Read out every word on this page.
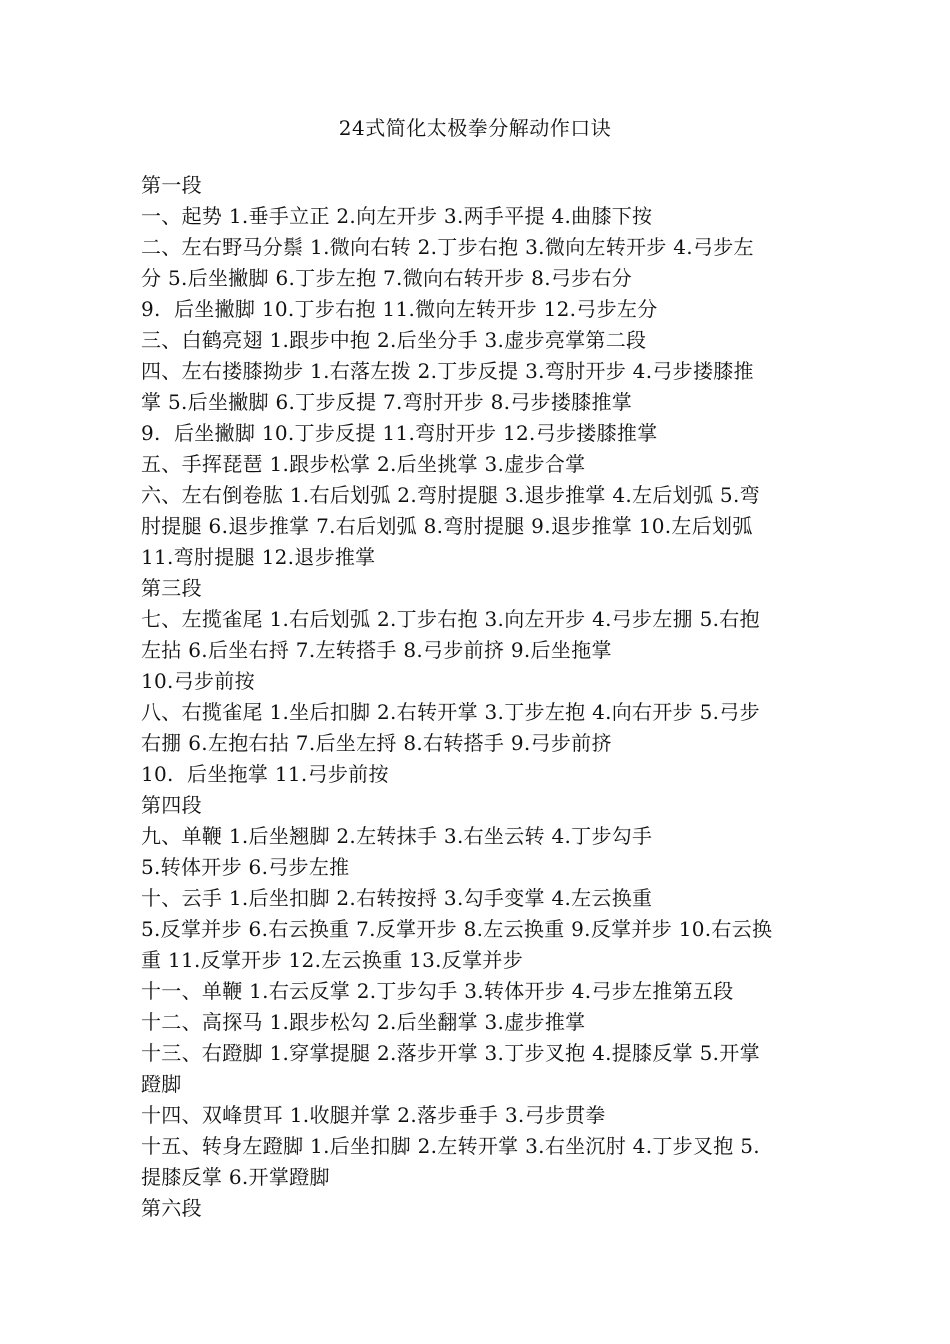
24式简化太极拳分解动作口诀
第一段
一、起势 1.垂手立正 2.向左开步 3.两手平提 4.曲膝下按
二、左右野马分鬃 1.微向右转 2.丁步右抱 3.微向左转开步 4.弓步左
分 5.后坐撇脚 6.丁步左抱 7.微向右转开步 8.弓步右分
9.  后坐撇脚 10.丁步右抱 11.微向左转开步 12.弓步左分
三、白鹤亮翅 1.跟步中抱 2.后坐分手 3.虚步亮掌第二段
四、左右搂膝拗步 1.右落左拨 2.丁步反提 3.弯肘开步 4.弓步搂膝推
掌 5.后坐撇脚 6.丁步反提 7.弯肘开步 8.弓步搂膝推掌
9.  后坐撇脚 10.丁步反提 11.弯肘开步 12.弓步搂膝推掌
五、手挥琵琶 1.跟步松掌 2.后坐挑掌 3.虚步合掌
六、左右倒卷肱 1.右后划弧 2.弯肘提腿 3.退步推掌 4.左后划弧 5.弯
肘提腿 6.退步推掌 7.右后划弧 8.弯肘提腿 9.退步推掌 10.左后划弧
11.弯肘提腿 12.退步推掌
第三段
七、左揽雀尾 1.右后划弧 2.丁步右抱 3.向左开步 4.弓步左掤 5.右抱
左拈 6.后坐右捋 7.左转搭手 8.弓步前挤 9.后坐拖掌
10.弓步前按
八、右揽雀尾 1.坐后扣脚 2.右转开掌 3.丁步左抱 4.向右开步 5.弓步
右掤 6.左抱右拈 7.后坐左捋 8.右转搭手 9.弓步前挤
10.  后坐拖掌 11.弓步前按
第四段
九、单鞭 1.后坐翘脚 2.左转抹手 3.右坐云转 4.丁步勾手
5.转体开步 6.弓步左推
十、云手 1.后坐扣脚 2.右转按捋 3.勾手变掌 4.左云换重
5.反掌并步 6.右云换重 7.反掌开步 8.左云换重 9.反掌并步 10.右云换
重 11.反掌开步 12.左云换重 13.反掌并步
十一、单鞭 1.右云反掌 2.丁步勾手 3.转体开步 4.弓步左推第五段
十二、高探马 1.跟步松勾 2.后坐翻掌 3.虚步推掌
十三、右蹬脚 1.穿掌提腿 2.落步开掌 3.丁步叉抱 4.提膝反掌 5.开掌
蹬脚
十四、双峰贯耳 1.收腿并掌 2.落步垂手 3.弓步贯拳
十五、转身左蹬脚 1.后坐扣脚 2.左转开掌 3.右坐沉肘 4.丁步叉抱 5.
提膝反掌 6.开掌蹬脚
第六段
